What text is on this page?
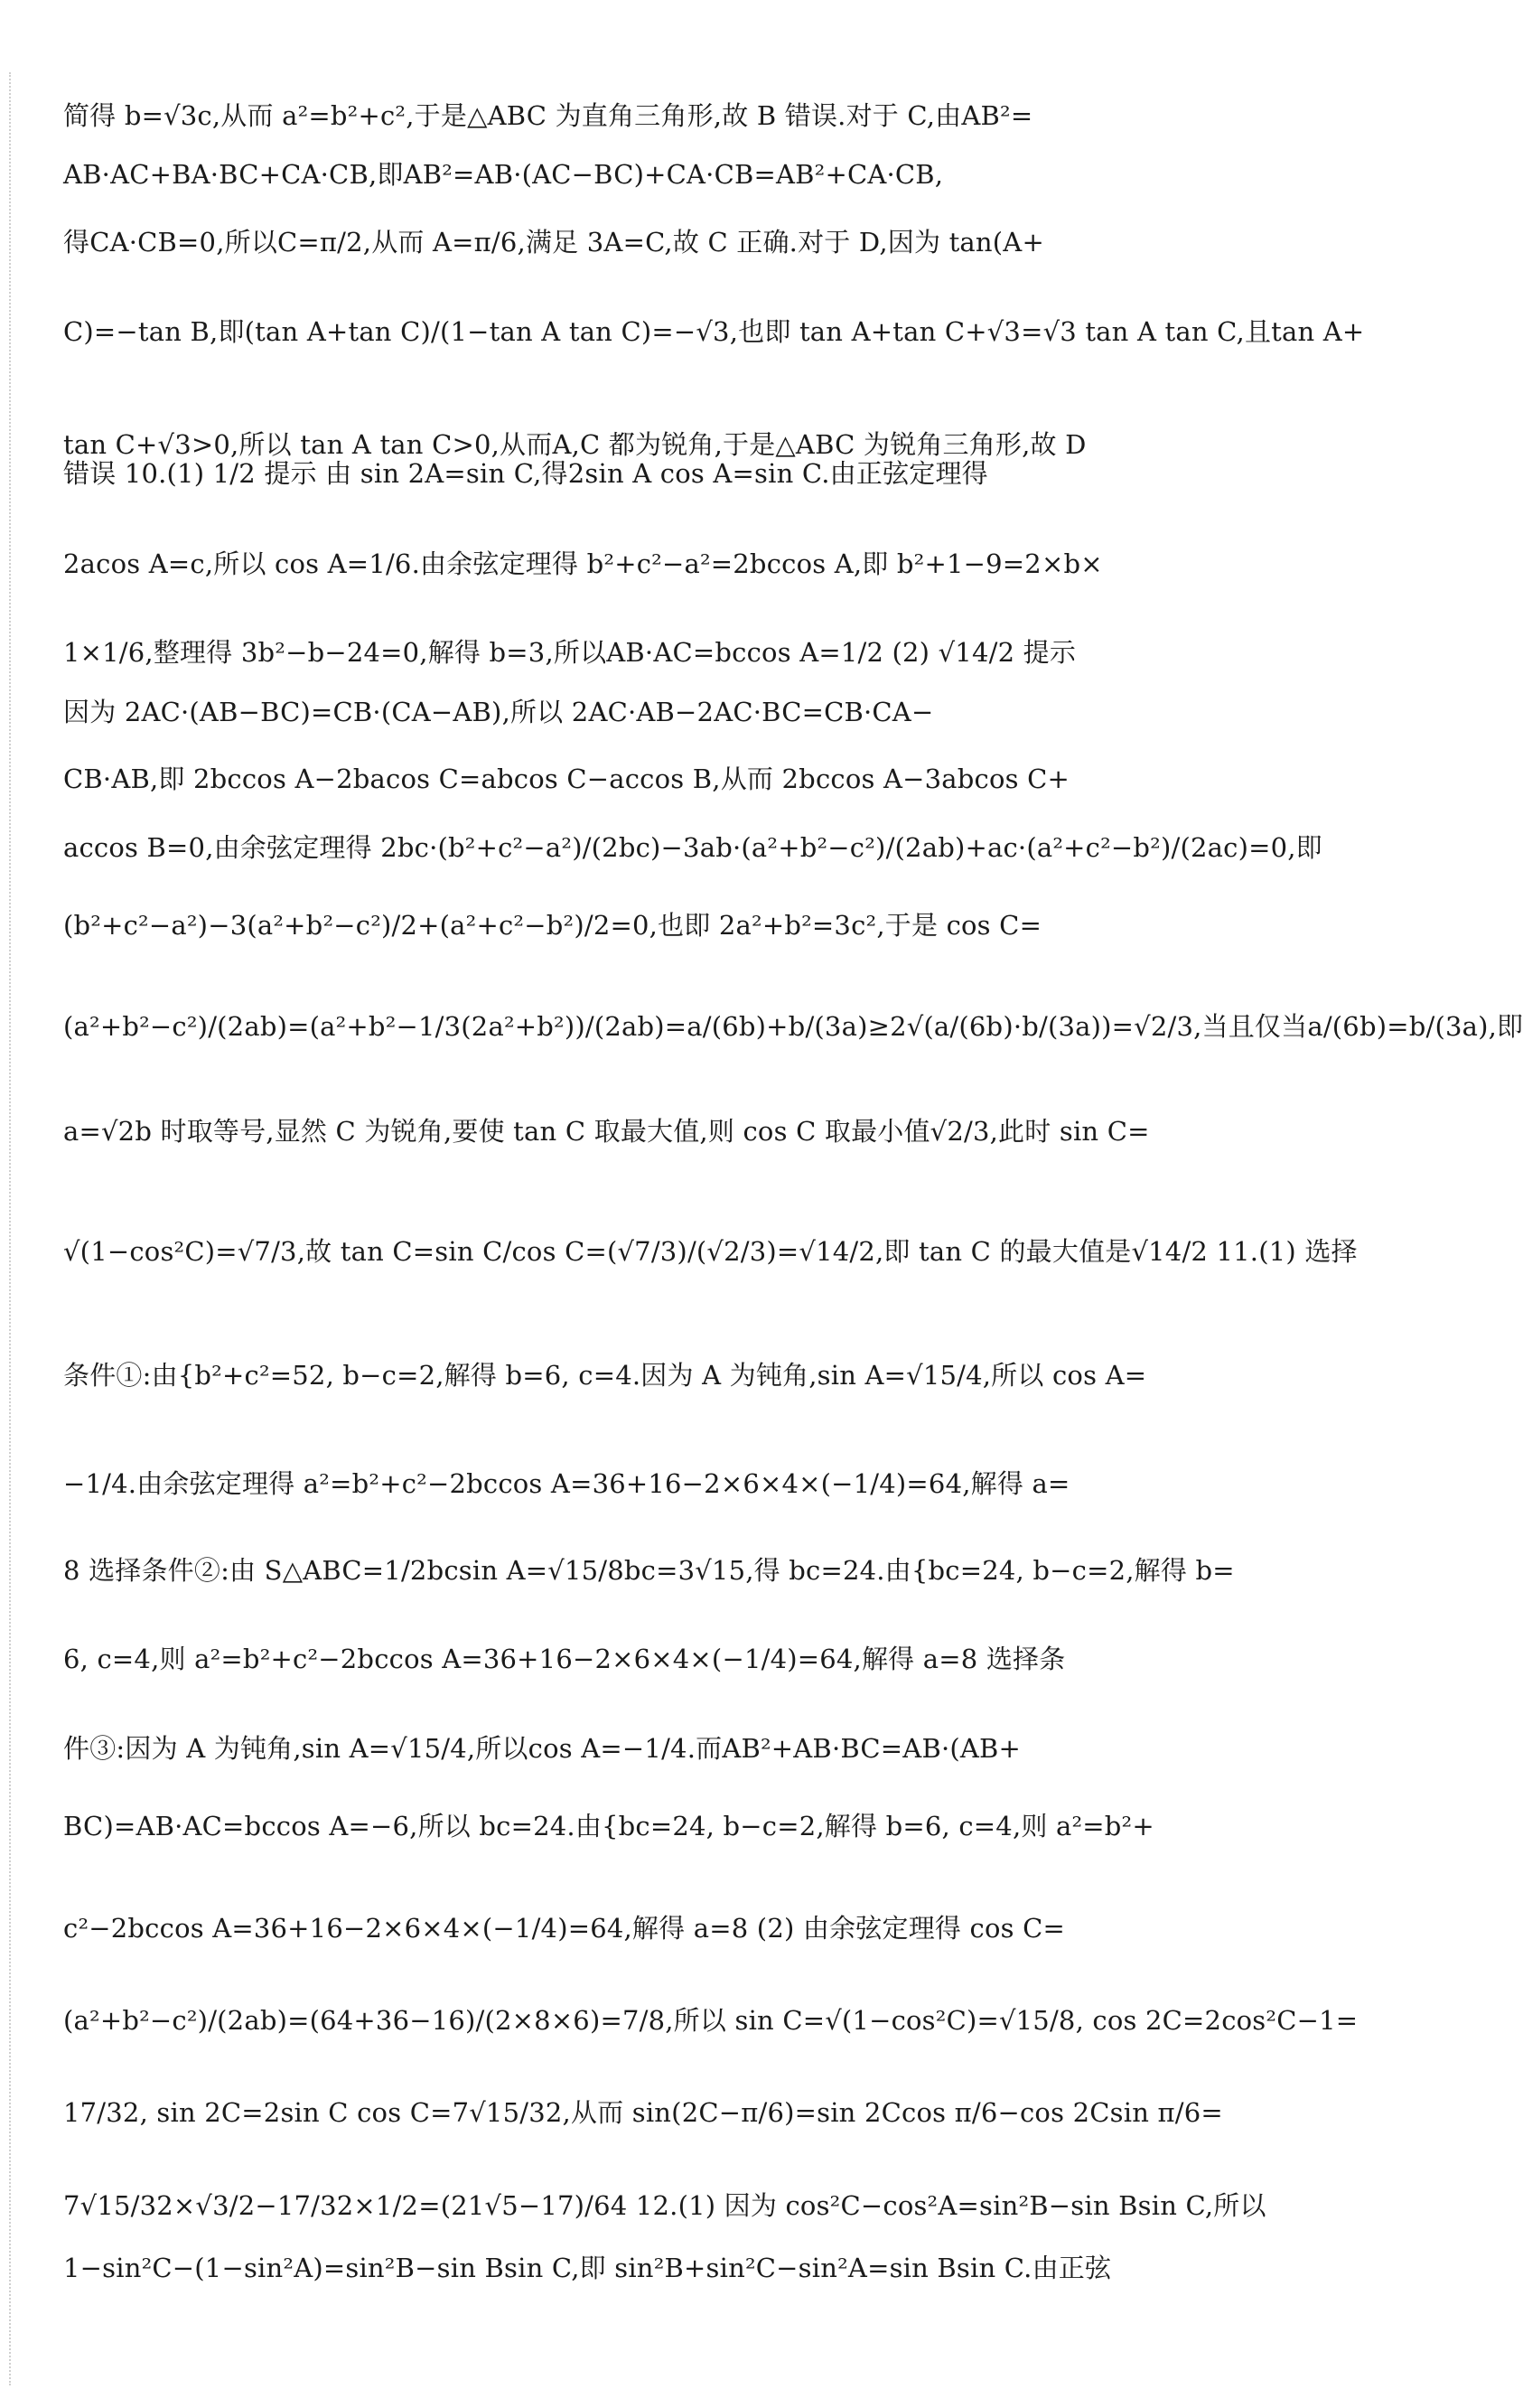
简得 b=√3c,从而 a²=b²+c²,于是△ABC 为直角三角形,故 B 错误.对于 C,由AB²=
AB·AC+BA·BC+CA·CB,即AB²=AB·(AC−BC)+CA·CB=AB²+CA·CB,
得CA·CB=0,所以C=π/2,从而 A=π/6,满足 3A=C,故 C 正确.对于 D,因为 tan(A+
C)=−tan B,即(tan A+tan C)/(1−tan A tan C)=−√3,也即 tan A+tan C+√3=√3 tan A tan C,且tan A+
tan C+√3>0,所以 tan A tan C>0,从而A,C 都为锐角,于是△ABC 为锐角三角形,故 D
错误 10.(1) 1/2 提示 由 sin 2A=sin C,得2sin A cos A=sin C.由正弦定理得
2acos A=c,所以 cos A=1/6.由余弦定理得 b²+c²−a²=2bccos A,即 b²+1−9=2×b×
1×1/6,整理得 3b²−b−24=0,解得 b=3,所以AB·AC=bccos A=1/2 (2) √14/2 提示
因为 2AC·(AB−BC)=CB·(CA−AB),所以 2AC·AB−2AC·BC=CB·CA−
CB·AB,即 2bccos A−2bacos C=abcos C−accos B,从而 2bccos A−3abcos C+
accos B=0,由余弦定理得 2bc·(b²+c²−a²)/(2bc)−3ab·(a²+b²−c²)/(2ab)+ac·(a²+c²−b²)/(2ac)=0,即
(b²+c²−a²)−3(a²+b²−c²)/2+(a²+c²−b²)/2=0,也即 2a²+b²=3c²,于是 cos C=
(a²+b²−c²)/(2ab)=(a²+b²−1/3(2a²+b²))/(2ab)=a/(6b)+b/(3a)≥2√(a/(6b)·b/(3a))=√2/3,当且仅当a/(6b)=b/(3a),即
a=√2b 时取等号,显然 C 为锐角,要使 tan C 取最大值,则 cos C 取最小值√2/3,此时 sin C=
√(1−cos²C)=√7/3,故 tan C=sin C/cos C=(√7/3)/(√2/3)=√14/2,即 tan C 的最大值是√14/2 11.(1) 选择
条件①:由{b²+c²=52, b−c=2,解得 b=6, c=4.因为 A 为钝角,sin A=√15/4,所以 cos A=
−1/4.由余弦定理得 a²=b²+c²−2bccos A=36+16−2×6×4×(−1/4)=64,解得 a=
8 选择条件②:由 S△ABC=1/2bcsin A=√15/8bc=3√15,得 bc=24.由{bc=24, b−c=2,解得 b=
6, c=4,则 a²=b²+c²−2bccos A=36+16−2×6×4×(−1/4)=64,解得 a=8 选择条
件③:因为 A 为钝角,sin A=√15/4,所以cos A=−1/4.而AB²+AB·BC=AB·(AB+
BC)=AB·AC=bccos A=−6,所以 bc=24.由{bc=24, b−c=2,解得 b=6, c=4,则 a²=b²+
c²−2bccos A=36+16−2×6×4×(−1/4)=64,解得 a=8 (2) 由余弦定理得 cos C=
(a²+b²−c²)/(2ab)=(64+36−16)/(2×8×6)=7/8,所以 sin C=√(1−cos²C)=√15/8, cos 2C=2cos²C−1=
17/32, sin 2C=2sin C cos C=7√15/32,从而 sin(2C−π/6)=sin 2Ccos π/6−cos 2Csin π/6=
7√15/32×√3/2−17/32×1/2=(21√5−17)/64 12.(1) 因为 cos²C−cos²A=sin²B−sin Bsin C,所以
1−sin²C−(1−sin²A)=sin²B−sin Bsin C,即 sin²B+sin²C−sin²A=sin Bsin C.由正弦
